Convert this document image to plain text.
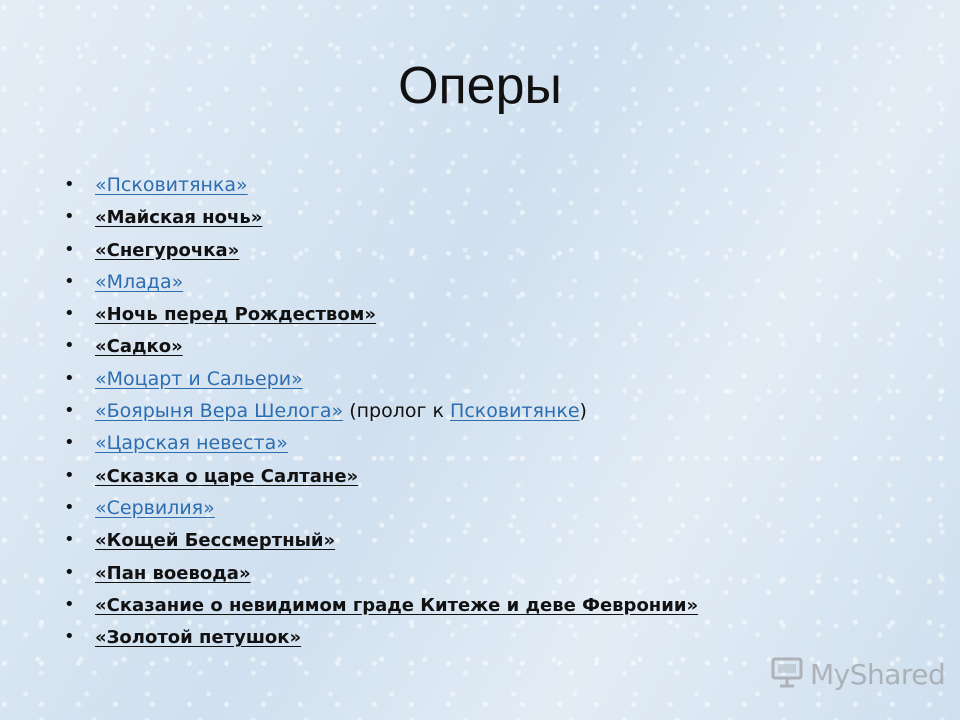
Оперы
• «Псковитянка»
• «Майская ночь»
• «Снегурочка»
• «Млада»
• «Ночь перед Рождеством»
• «Садко»
• «Моцарт и Сальери»
• «Боярыня Вера Шелога» (пролог к Псковитянке)
• «Царская невеста»
• «Сказка о царе Салтане»
• «Сервилия»
• «Кощей Бессмертный»
• «Пан воевода»
• «Сказание о невидимом граде Китеже и деве Февронии»
• «Золотой петушок»
MyShared
